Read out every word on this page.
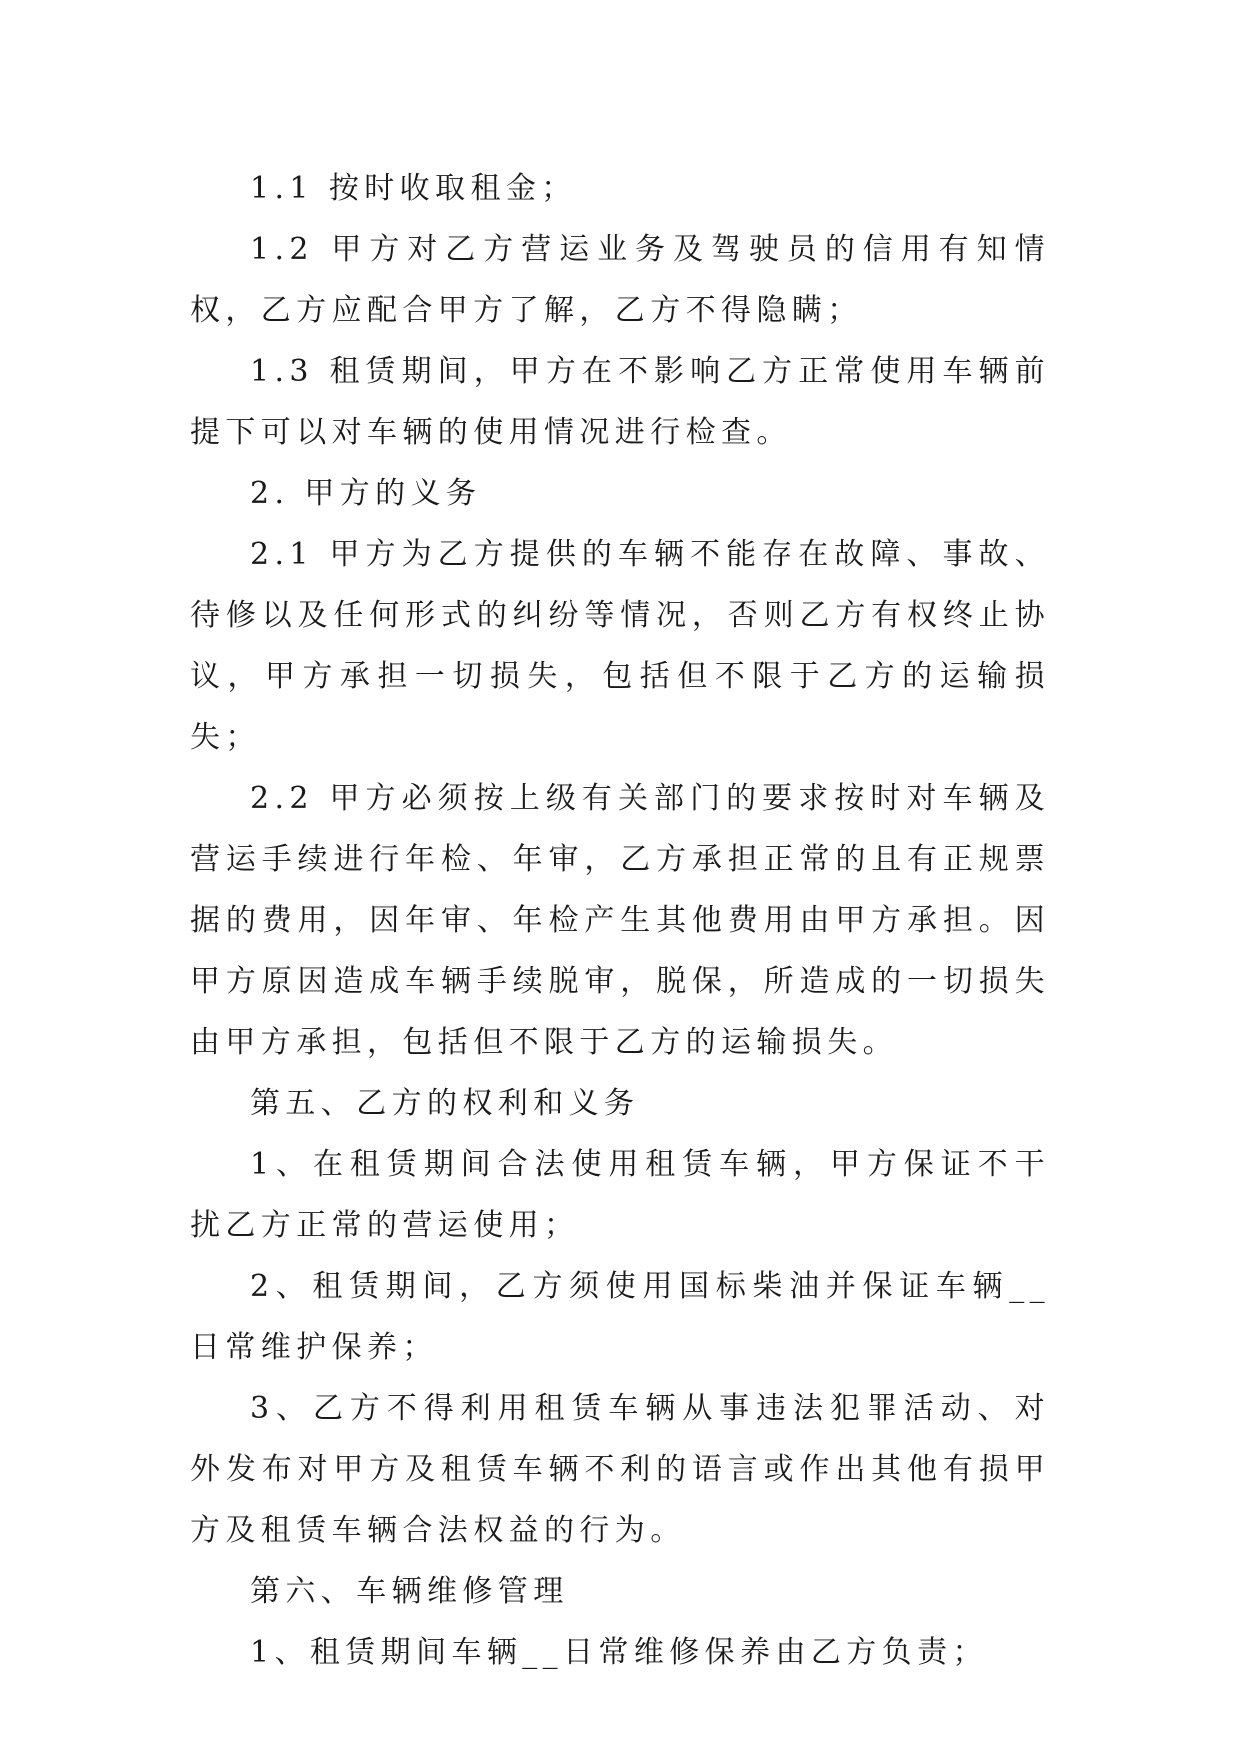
1.1 按时收取租金；

1.2 甲方对乙方营运业务及驾驶员的信用有知情权，乙方应配合甲方了解，乙方不得隐瞒；

1.3 租赁期间，甲方在不影响乙方正常使用车辆前提下可以对车辆的使用情况进行检查。

2. 甲方的义务

2.1 甲方为乙方提供的车辆不能存在故障、事故、待修以及任何形式的纠纷等情况，否则乙方有权终止协议，甲方承担一切损失，包括但不限于乙方的运输损失；

2.2 甲方必须按上级有关部门的要求按时对车辆及营运手续进行年检、年审，乙方承担正常的且有正规票据的费用，因年审、年检产生其他费用由甲方承担。因甲方原因造成车辆手续脱审，脱保，所造成的一切损失由甲方承担，包括但不限于乙方的运输损失。

第五、乙方的权利和义务

1、在租赁期间合法使用租赁车辆，甲方保证不干扰乙方正常的营运使用；

2、租赁期间，乙方须使用国标柴油并保证车辆__日常维护保养；

3、乙方不得利用租赁车辆从事违法犯罪活动、对外发布对甲方及租赁车辆不利的语言或作出其他有损甲方及租赁车辆合法权益的行为。

第六、车辆维修管理

1、租赁期间车辆__日常维修保养由乙方负责；
